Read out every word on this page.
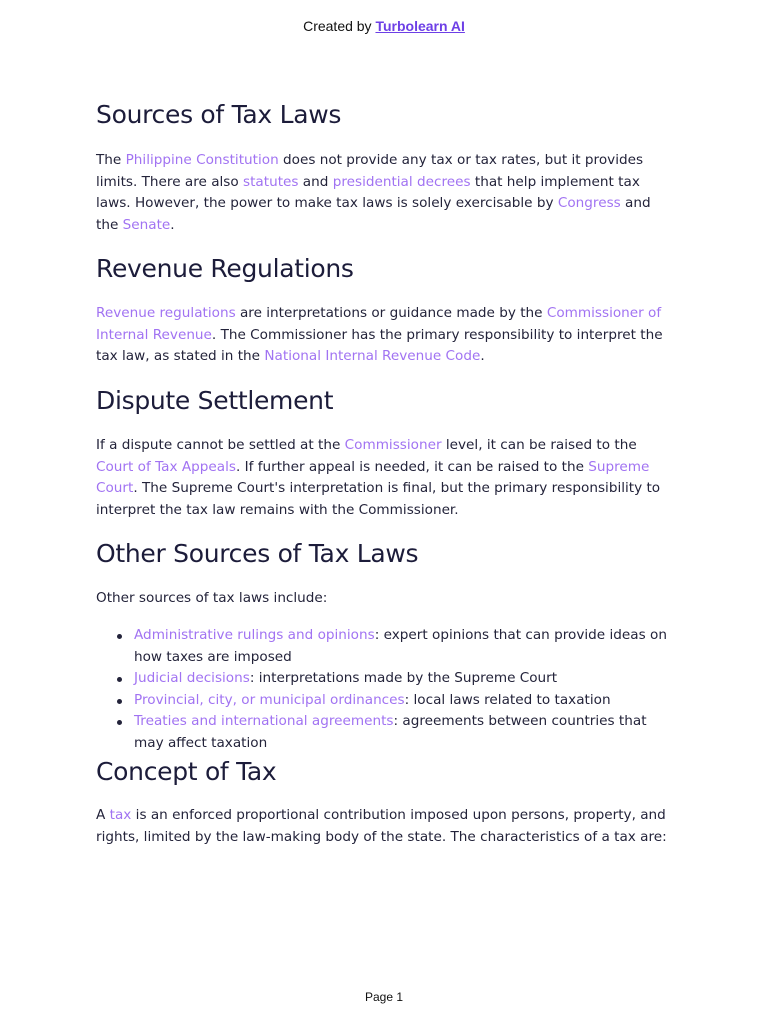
Created by Turbolearn AI
Sources of Tax Laws

The Philippine Constitution does not provide any tax or tax rates, but it provides limits. There are also statutes and presidential decrees that help implement tax laws. However, the power to make tax laws is solely exercisable by Congress and the Senate.

Revenue Regulations

Revenue regulations are interpretations or guidance made by the Commissioner of Internal Revenue. The Commissioner has the primary responsibility to interpret the tax law, as stated in the National Internal Revenue Code.

Dispute Settlement

If a dispute cannot be settled at the Commissioner level, it can be raised to the Court of Tax Appeals. If further appeal is needed, it can be raised to the Supreme Court. The Supreme Court's interpretation is final, but the primary responsibility to interpret the tax law remains with the Commissioner.

Other Sources of Tax Laws

Other sources of tax laws include:

Administrative rulings and opinions: expert opinions that can provide ideas on how taxes are imposed
Judicial decisions: interpretations made by the Supreme Court
Provincial, city, or municipal ordinances: local laws related to taxation
Treaties and international agreements: agreements between countries that may affect taxation
Concept of Tax

A tax is an enforced proportional contribution imposed upon persons, property, and rights, limited by the law-making body of the state. The characteristics of a tax are:

Page 1
